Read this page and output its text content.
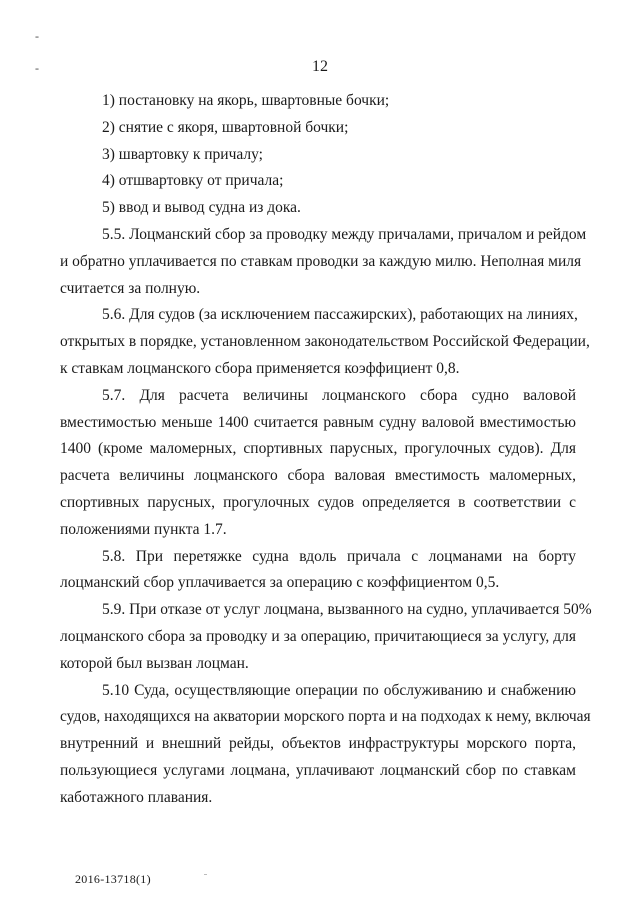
-
-	12
1) постановку на якорь, швартовные бочки;
2) снятие с якоря, швартовной бочки;
3) швартовку к причалу;
4) отшвартовку от причала;
5) ввод и вывод судна из дока.
5.5. Лоцманский сбор за проводку между причалами, причалом и рейдом
и обратно уплачивается по ставкам проводки за каждую милю. Неполная миля
считается за полную.
5.6. Для судов (за исключением пассажирских), работающих на линиях,
открытых в порядке, установленном законодательством Российской Федерации,
к ставкам лоцманского сбора применяется коэффициент 0,8.
5.7. Для расчета величины лоцманского сбора судно валовой
вместимостью меньше 1400 считается равным судну валовой вместимостью
1400 (кроме маломерных, спортивных парусных, прогулочных судов). Для
расчета величины лоцманского сбора валовая вместимость маломерных,
спортивных парусных, прогулочных судов определяется в соответствии с
положениями пункта 1.7.
5.8. При перетяжке судна вдоль причала с лоцманами на борту
лоцманский сбор уплачивается за операцию с коэффициентом 0,5.
5.9. При отказе от услуг лоцмана, вызванного на судно, уплачивается 50%
лоцманского сбора за проводку и за операцию, причитающиеся за услугу, для
которой был вызван лоцман.
5.10 Суда, осуществляющие операции по обслуживанию и снабжению
судов, находящихся на акватории морского порта и на подходах к нему, включая
внутренний и внешний рейды, объектов инфраструктуры морского порта,
пользующиеся услугами лоцмана, уплачивают лоцманский сбор по ставкам
каботажного плавания.
2016-13718(1)
